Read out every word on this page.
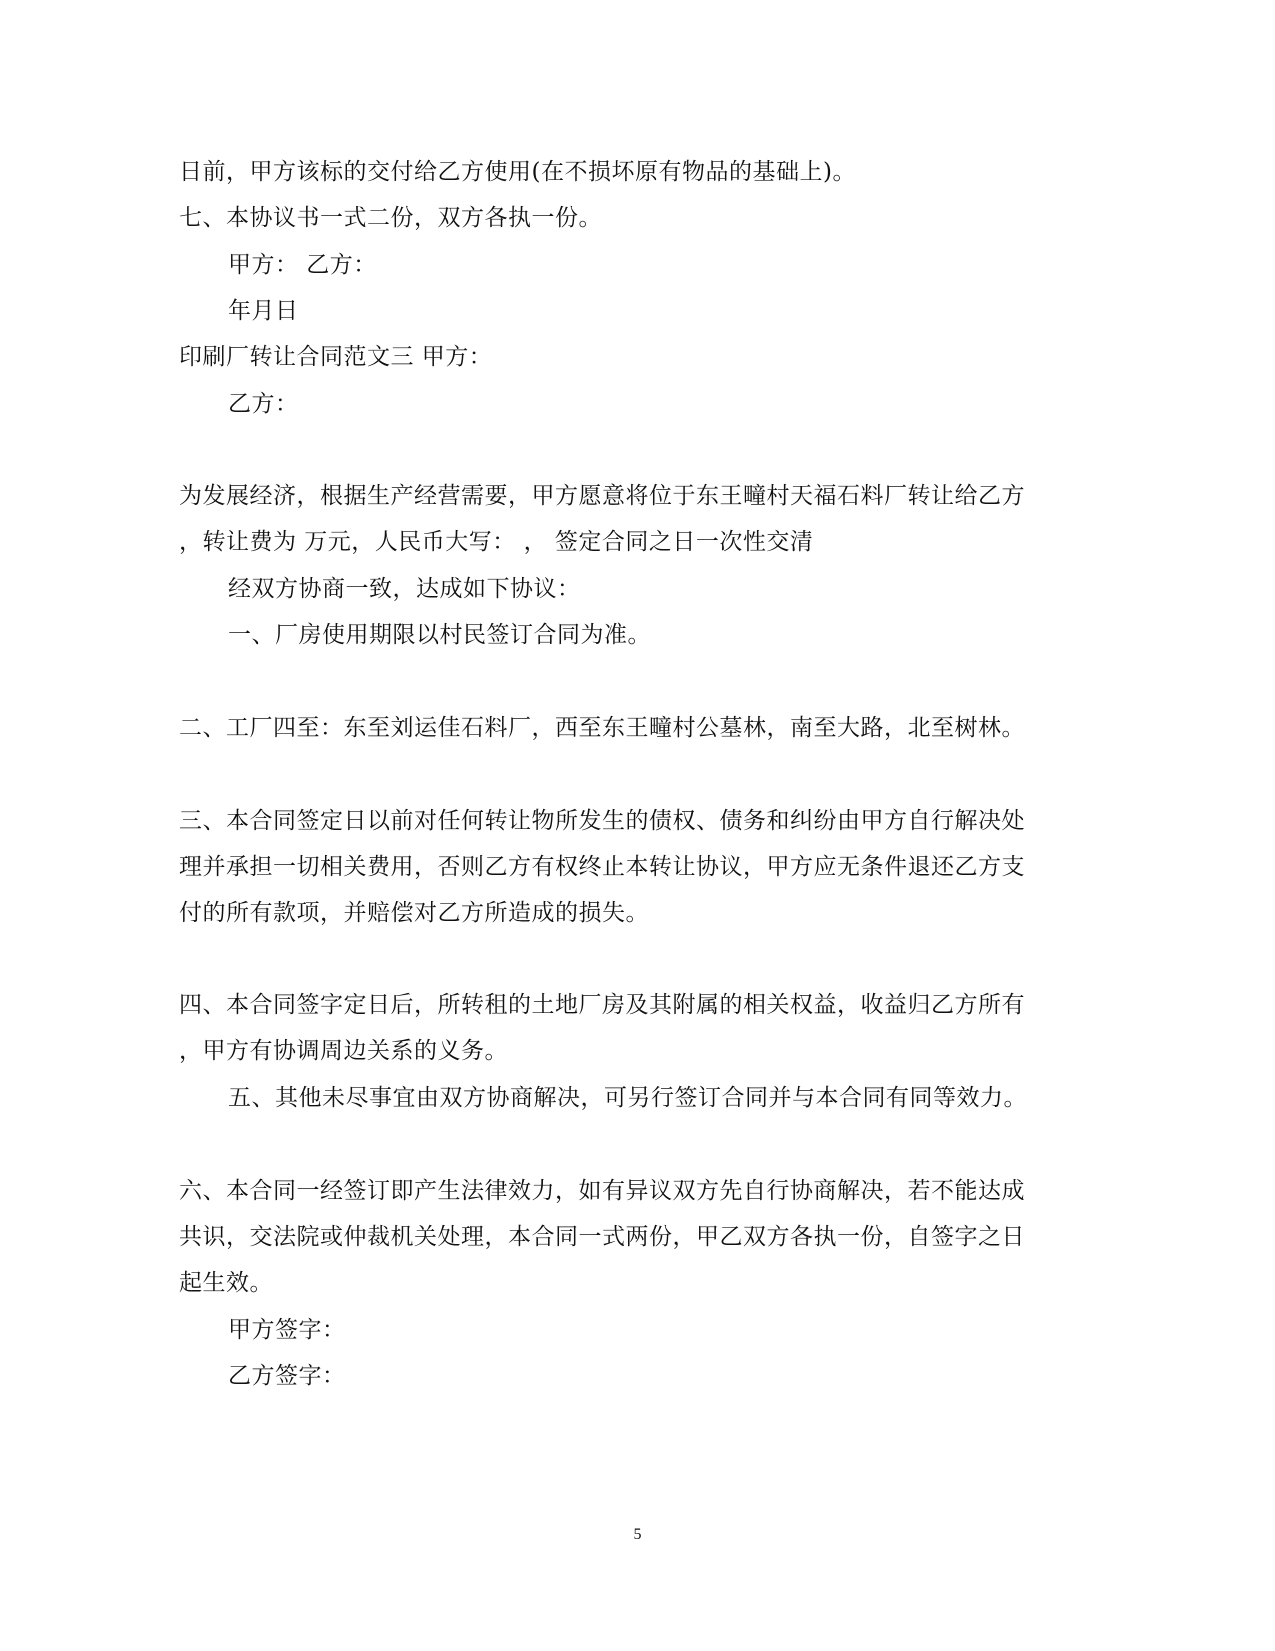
日前，甲方该标的交付给乙方使用(在不损坏原有物品的基础上)。
七、本协议书一式二份，双方各执一份。
甲方： 乙方：
年月日
印刷厂转让合同范文三 甲方：
乙方：
为发展经济，根据生产经营需要，甲方愿意将位于东王疃村天福石料厂转让给乙方
，转让费为 万元，人民币大写： ， 签定合同之日一次性交清
经双方协商一致，达成如下协议：
一、厂房使用期限以村民签订合同为准。
二、工厂四至：东至刘运佳石料厂，西至东王疃村公墓林，南至大路，北至树林。
三、本合同签定日以前对任何转让物所发生的债权、债务和纠纷由甲方自行解决处
理并承担一切相关费用，否则乙方有权终止本转让协议，甲方应无条件退还乙方支
付的所有款项，并赔偿对乙方所造成的损失。
四、本合同签字定日后，所转租的土地厂房及其附属的相关权益，收益归乙方所有
，甲方有协调周边关系的义务。
五、其他未尽事宜由双方协商解决，可另行签订合同并与本合同有同等效力。
六、本合同一经签订即产生法律效力，如有异议双方先自行协商解决，若不能达成
共识，交法院或仲裁机关处理，本合同一式两份，甲乙双方各执一份，自签字之日
起生效。
甲方签字：
乙方签字：
5
